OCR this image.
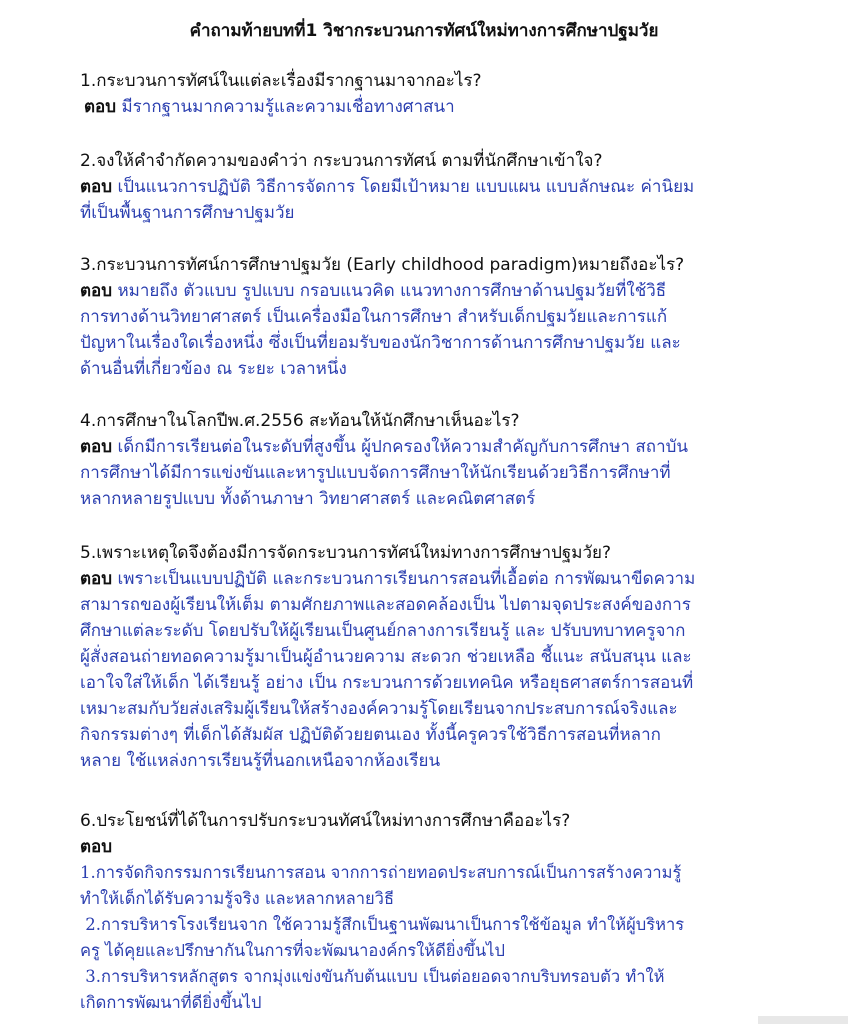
คำถามท้ายบทที่1 วิชากระบวนการทัศน์ใหม่ทางการศึกษาปฐมวัย
1.กระบวนการทัศน์ในแต่ละเรื่องมีรากฐานมาจากอะไร?
ตอบ มีรากฐานมากความรู้และความเชื่อทางศาสนา
2.จงให้คำจำกัดความของคำว่า กระบวนการทัศน์ ตามที่นักศึกษาเข้าใจ?
ตอบ เป็นแนวการปฏิบัติ วิธีการจัดการ โดยมีเป้าหมาย แบบแผน แบบลักษณะ ค่านิยม
ที่เป็นพื้นฐานการศึกษาปฐมวัย
3.กระบวนการทัศน์การศึกษาปฐมวัย (Early childhood paradigm)หมายถึงอะไร?
ตอบ หมายถึง ตัวแบบ รูปแบบ กรอบแนวคิด แนวทางการศึกษาด้านปฐมวัยที่ใช้วิธี
การทางด้านวิทยาศาสตร์ เป็นเครื่องมือในการศึกษา สำหรับเด็กปฐมวัยและการแก้
ปัญหาในเรื่องใดเรื่องหนึ่ง ซึ่งเป็นที่ยอมรับของนักวิชาการด้านการศึกษาปฐมวัย และ
ด้านอื่นที่เกี่ยวข้อง ณ ระยะ เวลาหนึ่ง
4.การศึกษาในโลกปีพ.ศ.2556 สะท้อนให้นักศึกษาเห็นอะไร?
ตอบ เด็กมีการเรียนต่อในระดับที่สูงขึ้น ผู้ปกครองให้ความสำคัญกับการศึกษา สถาบัน
การศึกษาได้มีการแข่งขันและหารูปแบบจัดการศึกษาให้นักเรียนด้วยวิธีการศึกษาที่
หลากหลายรูปแบบ ทั้งด้านภาษา วิทยาศาสตร์ และคณิตศาสตร์
5.เพราะเหตุใดจึงต้องมีการจัดกระบวนการทัศน์ใหม่ทางการศึกษาปฐมวัย?
ตอบ เพราะเป็นแบบปฏิบัติ และกระบวนการเรียนการสอนที่เอื้อต่อ การพัฒนาขีดความ
สามารถของผู้เรียนให้เต็ม ตามศักยภาพและสอดคล้องเป็น ไปตามจุดประสงค์ของการ
ศึกษาแต่ละระดับ โดยปรับให้ผู้เรียนเป็นศูนย์กลางการเรียนรู้ และ ปรับบทบาทครูจาก
ผู้สั่งสอนถ่ายทอดความรู้มาเป็นผู้อำนวยความ สะดวก ช่วยเหลือ ชี้แนะ สนับสนุน และ
เอาใจใส่ให้เด็ก ได้เรียนรู้ อย่าง เป็น กระบวนการด้วยเทคนิค หรือยุธศาสตร์การสอนที่
เหมาะสมกับวัยส่งเสริมผู้เรียนให้สร้างองค์ความรู้โดยเรียนจากประสบการณ์จริงและ
กิจกรรมต่างๆ ที่เด็กได้สัมผัส ปฏิบัติด้วยยตนเอง ทั้งนี้ครูควรใช้วิธีการสอนที่หลาก
หลาย ใช้แหล่งการเรียนรู้ที่นอกเหนือจากห้องเรียน
6.ประโยชน์ที่ได้ในการปรับกระบวนทัศน์ใหม่ทางการศึกษาคืออะไร?
ตอบ
1.การจัดกิจกรรมการเรียนการสอน จากการถ่ายทอดประสบการณ์เป็นการสร้างความรู้
ทำให้เด็กได้รับความรู้จริง และหลากหลายวิธี
2.การบริหารโรงเรียนจาก ใช้ความรู้สึกเป็นฐานพัฒนาเป็นการใช้ข้อมูล ทำให้ผู้บริหาร
ครู ได้คุยและปรึกษากันในการที่จะพัฒนาองค์กรให้ดียิ่งขึ้นไป
3.การบริหารหลักสูตร จากมุ่งแข่งขันกับต้นแบบ เป็นต่อยอดจากบริบทรอบตัว ทำให้
เกิดการพัฒนาที่ดียิ่งขึ้นไป
